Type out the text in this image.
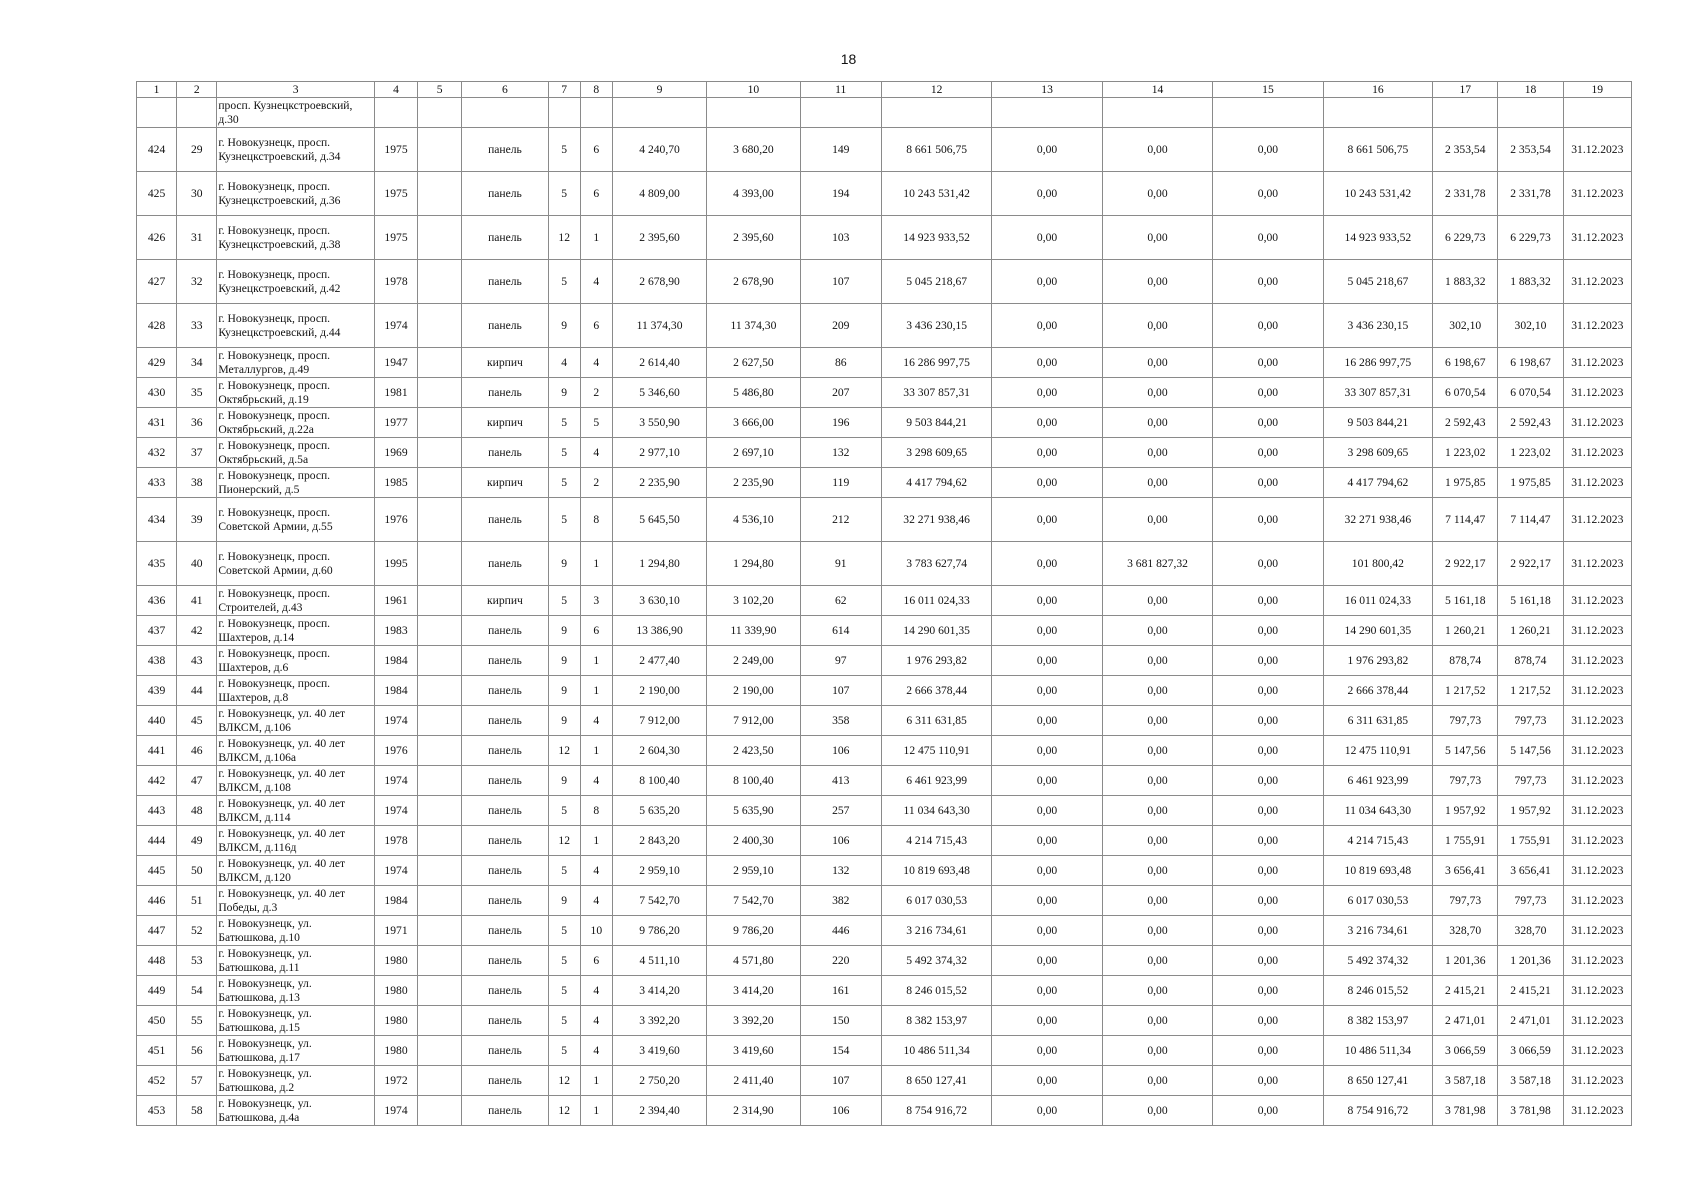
18
1	2	3	4	5	6	7	8	9	10	11	12	13	14	15	16	17	18	19
		просп. Кузнецкстроевский, д.30																
424	29	г. Новокузнецк, просп. Кузнецкстроевский, д.34	1975		панель	5	6	4 240,70	3 680,20	149	8 661 506,75	0,00	0,00	0,00	8 661 506,75	2 353,54	2 353,54	31.12.2023
425	30	г. Новокузнецк, просп. Кузнецкстроевский, д.36	1975		панель	5	6	4 809,00	4 393,00	194	10 243 531,42	0,00	0,00	0,00	10 243 531,42	2 331,78	2 331,78	31.12.2023
426	31	г. Новокузнецк, просп. Кузнецкстроевский, д.38	1975		панель	12	1	2 395,60	2 395,60	103	14 923 933,52	0,00	0,00	0,00	14 923 933,52	6 229,73	6 229,73	31.12.2023
427	32	г. Новокузнецк, просп. Кузнецкстроевский, д.42	1978		панель	5	4	2 678,90	2 678,90	107	5 045 218,67	0,00	0,00	0,00	5 045 218,67	1 883,32	1 883,32	31.12.2023
428	33	г. Новокузнецк, просп. Кузнецкстроевский, д.44	1974		панель	9	6	11 374,30	11 374,30	209	3 436 230,15	0,00	0,00	0,00	3 436 230,15	302,10	302,10	31.12.2023
429	34	г. Новокузнецк, просп. Металлургов, д.49	1947		кирпич	4	4	2 614,40	2 627,50	86	16 286 997,75	0,00	0,00	0,00	16 286 997,75	6 198,67	6 198,67	31.12.2023
430	35	г. Новокузнецк, просп. Октябрьский, д.19	1981		панель	9	2	5 346,60	5 486,80	207	33 307 857,31	0,00	0,00	0,00	33 307 857,31	6 070,54	6 070,54	31.12.2023
431	36	г. Новокузнецк, просп. Октябрьский, д.22а	1977		кирпич	5	5	3 550,90	3 666,00	196	9 503 844,21	0,00	0,00	0,00	9 503 844,21	2 592,43	2 592,43	31.12.2023
432	37	г. Новокузнецк, просп. Октябрьский, д.5а	1969		панель	5	4	2 977,10	2 697,10	132	3 298 609,65	0,00	0,00	0,00	3 298 609,65	1 223,02	1 223,02	31.12.2023
433	38	г. Новокузнецк, просп. Пионерский, д.5	1985		кирпич	5	2	2 235,90	2 235,90	119	4 417 794,62	0,00	0,00	0,00	4 417 794,62	1 975,85	1 975,85	31.12.2023
434	39	г. Новокузнецк, просп. Советской Армии, д.55	1976		панель	5	8	5 645,50	4 536,10	212	32 271 938,46	0,00	0,00	0,00	32 271 938,46	7 114,47	7 114,47	31.12.2023
435	40	г. Новокузнецк, просп. Советской Армии, д.60	1995		панель	9	1	1 294,80	1 294,80	91	3 783 627,74	0,00	3 681 827,32	0,00	101 800,42	2 922,17	2 922,17	31.12.2023
436	41	г. Новокузнецк, просп. Строителей, д.43	1961		кирпич	5	3	3 630,10	3 102,20	62	16 011 024,33	0,00	0,00	0,00	16 011 024,33	5 161,18	5 161,18	31.12.2023
437	42	г. Новокузнецк, просп. Шахтеров, д.14	1983		панель	9	6	13 386,90	11 339,90	614	14 290 601,35	0,00	0,00	0,00	14 290 601,35	1 260,21	1 260,21	31.12.2023
438	43	г. Новокузнецк, просп. Шахтеров, д.6	1984		панель	9	1	2 477,40	2 249,00	97	1 976 293,82	0,00	0,00	0,00	1 976 293,82	878,74	878,74	31.12.2023
439	44	г. Новокузнецк, просп. Шахтеров, д.8	1984		панель	9	1	2 190,00	2 190,00	107	2 666 378,44	0,00	0,00	0,00	2 666 378,44	1 217,52	1 217,52	31.12.2023
440	45	г. Новокузнецк, ул. 40 лет ВЛКСМ, д.106	1974		панель	9	4	7 912,00	7 912,00	358	6 311 631,85	0,00	0,00	0,00	6 311 631,85	797,73	797,73	31.12.2023
441	46	г. Новокузнецк, ул. 40 лет ВЛКСМ, д.106а	1976		панель	12	1	2 604,30	2 423,50	106	12 475 110,91	0,00	0,00	0,00	12 475 110,91	5 147,56	5 147,56	31.12.2023
442	47	г. Новокузнецк, ул. 40 лет ВЛКСМ, д.108	1974		панель	9	4	8 100,40	8 100,40	413	6 461 923,99	0,00	0,00	0,00	6 461 923,99	797,73	797,73	31.12.2023
443	48	г. Новокузнецк, ул. 40 лет ВЛКСМ, д.114	1974		панель	5	8	5 635,20	5 635,90	257	11 034 643,30	0,00	0,00	0,00	11 034 643,30	1 957,92	1 957,92	31.12.2023
444	49	г. Новокузнецк, ул. 40 лет ВЛКСМ, д.116д	1978		панель	12	1	2 843,20	2 400,30	106	4 214 715,43	0,00	0,00	0,00	4 214 715,43	1 755,91	1 755,91	31.12.2023
445	50	г. Новокузнецк, ул. 40 лет ВЛКСМ, д.120	1974		панель	5	4	2 959,10	2 959,10	132	10 819 693,48	0,00	0,00	0,00	10 819 693,48	3 656,41	3 656,41	31.12.2023
446	51	г. Новокузнецк, ул. 40 лет Победы, д.3	1984		панель	9	4	7 542,70	7 542,70	382	6 017 030,53	0,00	0,00	0,00	6 017 030,53	797,73	797,73	31.12.2023
447	52	г. Новокузнецк, ул. Батюшкова, д.10	1971		панель	5	10	9 786,20	9 786,20	446	3 216 734,61	0,00	0,00	0,00	3 216 734,61	328,70	328,70	31.12.2023
448	53	г. Новокузнецк, ул. Батюшкова, д.11	1980		панель	5	6	4 511,10	4 571,80	220	5 492 374,32	0,00	0,00	0,00	5 492 374,32	1 201,36	1 201,36	31.12.2023
449	54	г. Новокузнецк, ул. Батюшкова, д.13	1980		панель	5	4	3 414,20	3 414,20	161	8 246 015,52	0,00	0,00	0,00	8 246 015,52	2 415,21	2 415,21	31.12.2023
450	55	г. Новокузнецк, ул. Батюшкова, д.15	1980		панель	5	4	3 392,20	3 392,20	150	8 382 153,97	0,00	0,00	0,00	8 382 153,97	2 471,01	2 471,01	31.12.2023
451	56	г. Новокузнецк, ул. Батюшкова, д.17	1980		панель	5	4	3 419,60	3 419,60	154	10 486 511,34	0,00	0,00	0,00	10 486 511,34	3 066,59	3 066,59	31.12.2023
452	57	г. Новокузнецк, ул. Батюшкова, д.2	1972		панель	12	1	2 750,20	2 411,40	107	8 650 127,41	0,00	0,00	0,00	8 650 127,41	3 587,18	3 587,18	31.12.2023
453	58	г. Новокузнецк, ул. Батюшкова, д.4а	1974		панель	12	1	2 394,40	2 314,90	106	8 754 916,72	0,00	0,00	0,00	8 754 916,72	3 781,98	3 781,98	31.12.2023
